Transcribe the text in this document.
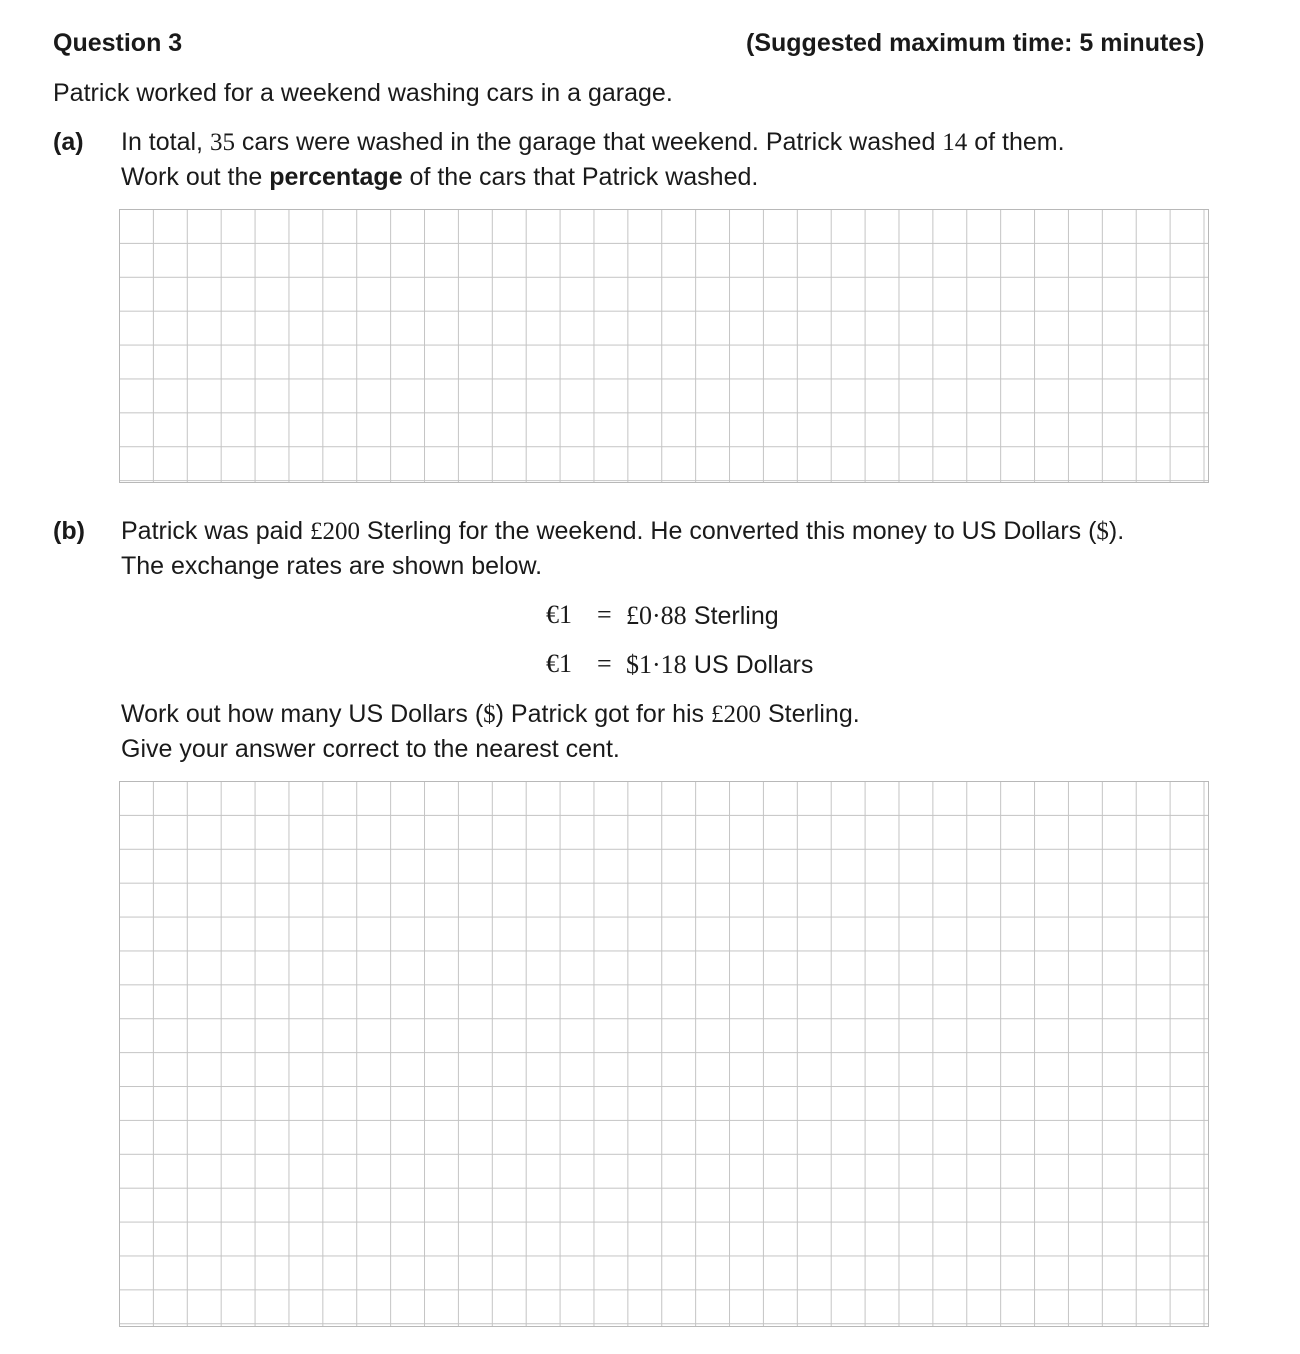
Question 3	(Suggested maximum time: 5 minutes)
Patrick worked for a weekend washing cars in a garage.
(a) In total, 35 cars were washed in the garage that weekend. Patrick washed 14 of them.
Work out the percentage of the cars that Patrick washed.
(b) Patrick was paid £200 Sterling for the weekend. He converted this money to US Dollars ($).
The exchange rates are shown below.
€1 = £0·88 Sterling
€1 = $1·18 US Dollars
Work out how many US Dollars ($) Patrick got for his £200 Sterling.
Give your answer correct to the nearest cent.
